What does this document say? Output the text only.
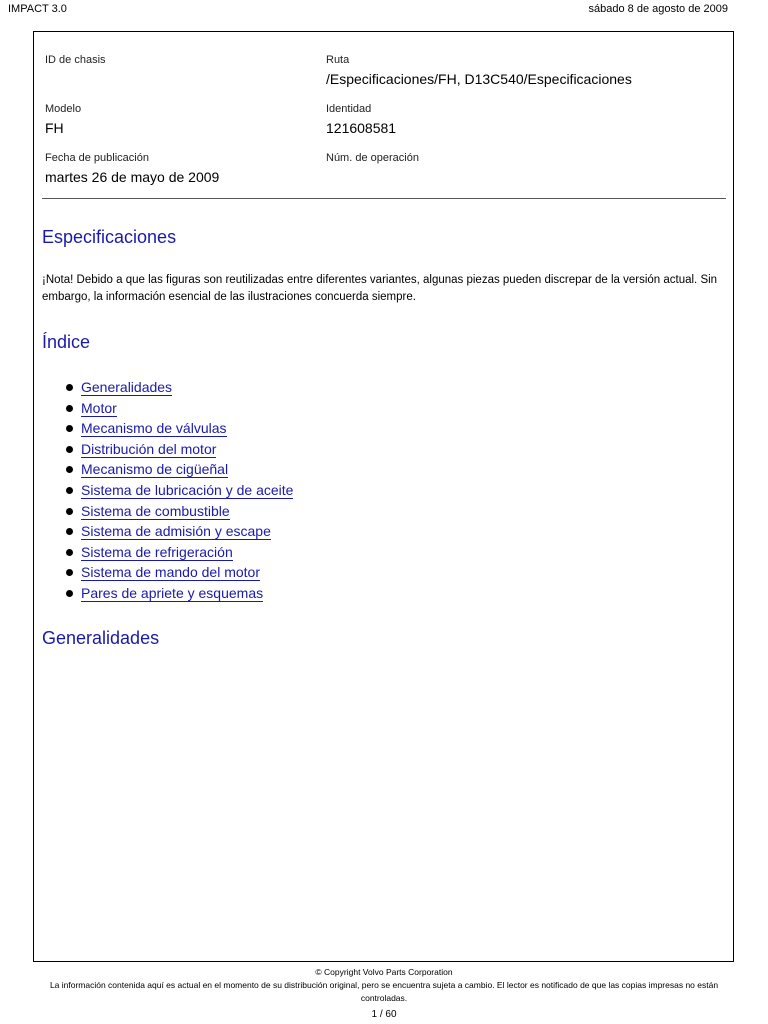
IMPACT 3.0	sábado 8 de agosto de 2009
ID de chasis	Ruta
/Especificaciones/FH, D13C540/Especificaciones
Modelo
FH
Identidad
121608581
Fecha de publicación
martes 26 de mayo de 2009
Núm. de operación
Especificaciones
¡Nota! Debido a que las figuras son reutilizadas entre diferentes variantes, algunas piezas pueden discrepar de la versión actual. Sin embargo, la información esencial de las ilustraciones concuerda siempre.
Índice
Generalidades
Motor
Mecanismo de válvulas
Distribución del motor
Mecanismo de cigüeñal
Sistema de lubricación y de aceite
Sistema de combustible
Sistema de admisión y escape
Sistema de refrigeración
Sistema de mando del motor
Pares de apriete y esquemas
Generalidades
© Copyright Volvo Parts Corporation
La información contenida aquí es actual en el momento de su distribución original, pero se encuentra sujeta a cambio. El lector es notificado de que las copias impresas no están controladas.
1 / 60
